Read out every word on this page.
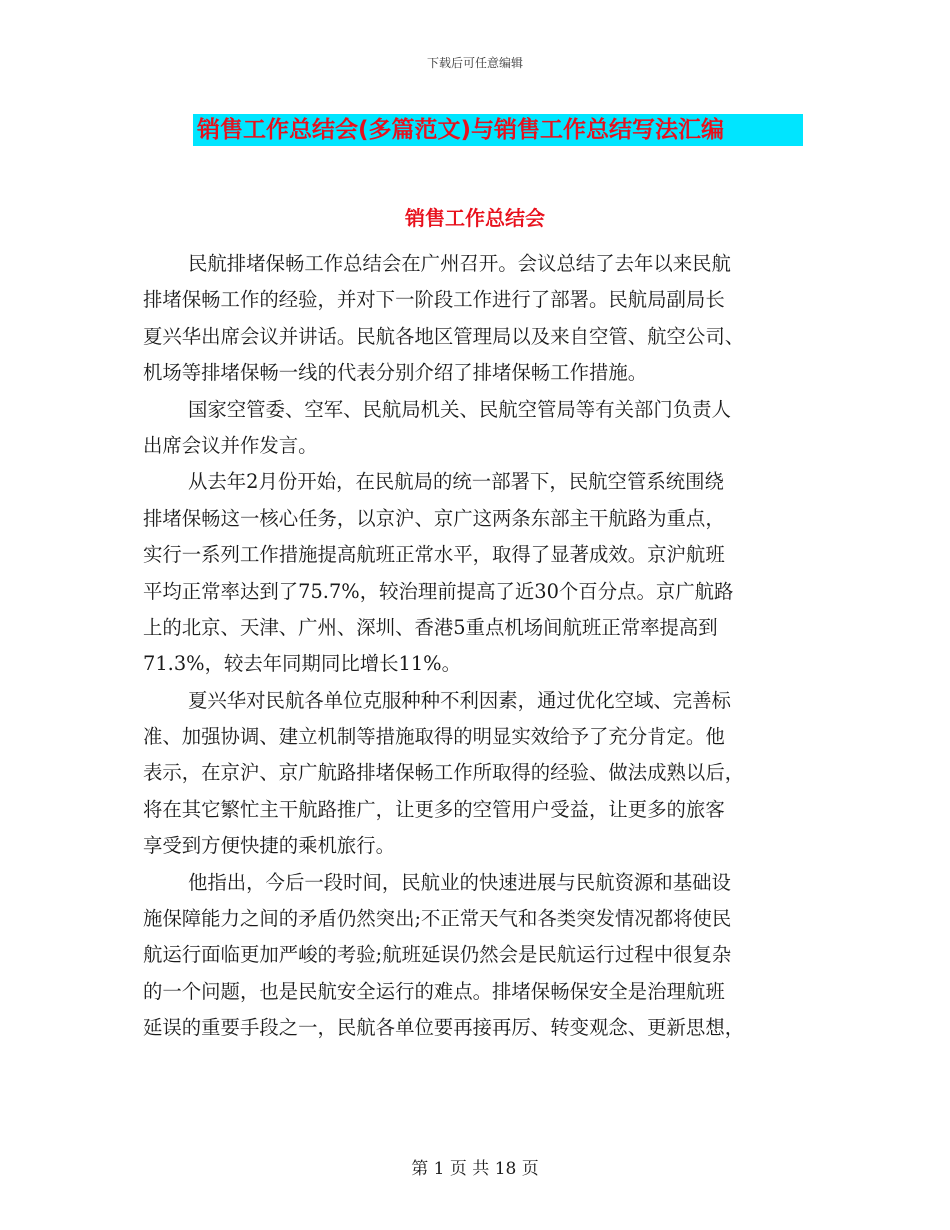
下载后可任意编辑
销售工作总结会(多篇范文)与销售工作总结写法汇编
销售工作总结会
民航排堵保畅工作总结会在广州召开。会议总结了去年以来民航
排堵保畅工作的经验，并对下一阶段工作进行了部署。民航局副局长
夏兴华出席会议并讲话。民航各地区管理局以及来自空管、航空公司、
机场等排堵保畅一线的代表分别介绍了排堵保畅工作措施。
国家空管委、空军、民航局机关、民航空管局等有关部门负责人
出席会议并作发言。
从去年2月份开始，在民航局的统一部署下，民航空管系统围绕
排堵保畅这一核心任务，以京沪、京广这两条东部主干航路为重点，
实行一系列工作措施提高航班正常水平，取得了显著成效。京沪航班
平均正常率达到了75.7%，较治理前提高了近30个百分点。京广航路
上的北京、天津、广州、深圳、香港5重点机场间航班正常率提高到
71.3%，较去年同期同比增长11%。
夏兴华对民航各单位克服种种不利因素，通过优化空域、完善标
准、加强协调、建立机制等措施取得的明显实效给予了充分肯定。他
表示，在京沪、京广航路排堵保畅工作所取得的经验、做法成熟以后，
将在其它繁忙主干航路推广，让更多的空管用户受益，让更多的旅客
享受到方便快捷的乘机旅行。
他指出，今后一段时间，民航业的快速进展与民航资源和基础设
施保障能力之间的矛盾仍然突出;不正常天气和各类突发情况都将使民
航运行面临更加严峻的考验;航班延误仍然会是民航运行过程中很复杂
的一个问题，也是民航安全运行的难点。排堵保畅保安全是治理航班
延误的重要手段之一，民航各单位要再接再厉、转变观念、更新思想，
第 1 页 共 18 页
